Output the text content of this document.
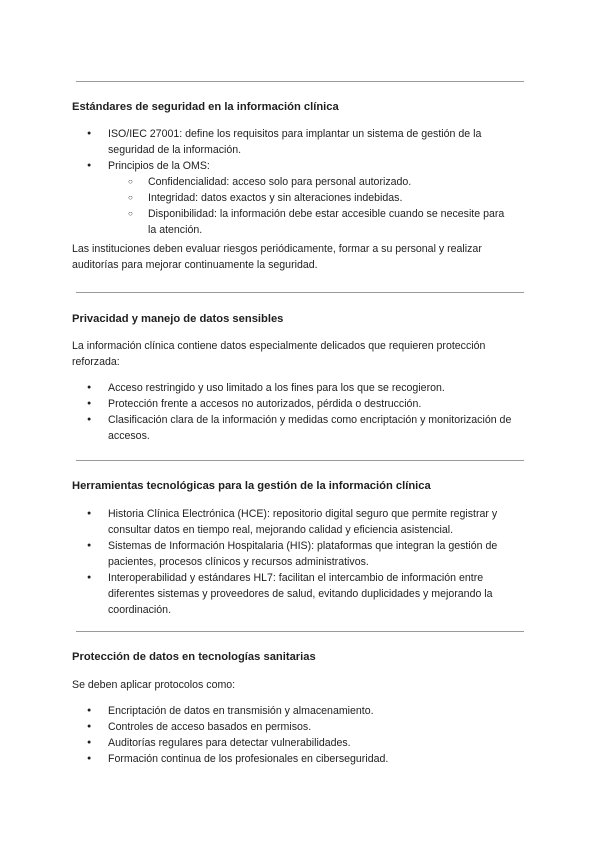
Estándares de seguridad en la información clínica
● ISO/IEC 27001: define los requisitos para implantar un sistema de gestión de la seguridad de la información.
● Principios de la OMS:
○ Confidencialidad: acceso solo para personal autorizado.
○ Integridad: datos exactos y sin alteraciones indebidas.
○ Disponibilidad: la información debe estar accesible cuando se necesite para la atención.
Las instituciones deben evaluar riesgos periódicamente, formar a su personal y realizar auditorías para mejorar continuamente la seguridad.
Privacidad y manejo de datos sensibles
La información clínica contiene datos especialmente delicados que requieren protección reforzada:
● Acceso restringido y uso limitado a los fines para los que se recogieron.
● Protección frente a accesos no autorizados, pérdida o destrucción.
● Clasificación clara de la información y medidas como encriptación y monitorización de accesos.
Herramientas tecnológicas para la gestión de la información clínica
● Historia Clínica Electrónica (HCE): repositorio digital seguro que permite registrar y consultar datos en tiempo real, mejorando calidad y eficiencia asistencial.
● Sistemas de Información Hospitalaria (HIS): plataformas que integran la gestión de pacientes, procesos clínicos y recursos administrativos.
● Interoperabilidad y estándares HL7: facilitan el intercambio de información entre diferentes sistemas y proveedores de salud, evitando duplicidades y mejorando la coordinación.
Protección de datos en tecnologías sanitarias
Se deben aplicar protocolos como:
● Encriptación de datos en transmisión y almacenamiento.
● Controles de acceso basados en permisos.
● Auditorías regulares para detectar vulnerabilidades.
● Formación continua de los profesionales en ciberseguridad.
